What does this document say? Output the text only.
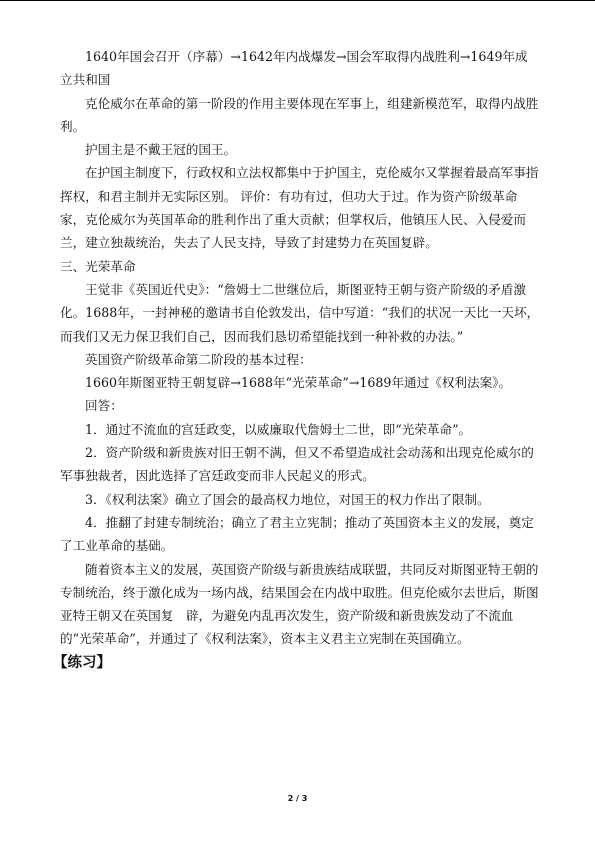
1640年国会召开（序幕）→1642年内战爆发→国会军取得内战胜利→1649年成立共和国

克伦威尔在革命的第一阶段的作用主要体现在军事上，组建新模范军，取得内战胜利。

护国主是不戴王冠的国王。

在护国主制度下，行政权和立法权都集中于护国主，克伦威尔又掌握着最高军事指挥权，和君主制并无实际区别。 评价：有功有过，但功大于过。作为资产阶级革命家，克伦威尔为英国革命的胜利作出了重大贡献；但掌权后，他镇压人民、入侵爱而兰，建立独裁统治，失去了人民支持，导致了封建势力在英国复辟。

三、光荣革命

王觉非《英国近代史》：“詹姆士二世继位后，斯图亚特王朝与资产阶级的矛盾激化。1688年，一封神秘的邀请书自伦敦发出，信中写道：“我们的状况一天比一天坏，而我们又无力保卫我们自己，因而我们恳切希望能找到一种补救的办法。”

英国资产阶级革命第二阶段的基本过程：

1660年斯图亚特王朝复辟→1688年“光荣革命”→1689年通过《权利法案》。

回答：

1．通过不流血的宫廷政变，以威廉取代詹姆士二世，即“光荣革命”。

2．资产阶级和新贵族对旧王朝不满，但又不希望造成社会动荡和出现克伦威尔的军事独裁者，因此选择了宫廷政变而非人民起义的形式。

3．《权利法案》确立了国会的最高权力地位，对国王的权力作出了限制。

4．推翻了封建专制统治；确立了君主立宪制；推动了英国资本主义的发展，奠定了工业革命的基础。

随着资本主义的发展，英国资产阶级与新贵族结成联盟，共同反对斯图亚特王朝的专制统治，终于激化成为一场内战，结果国会在内战中取胜。但克伦威尔去世后，斯图亚特王朝又在英国复　辟，为避免内乱再次发生，资产阶级和新贵族发动了不流血的“光荣革命”，并通过了《权利法案》，资本主义君主立宪制在英国确立。

【练习】

2 / 3
